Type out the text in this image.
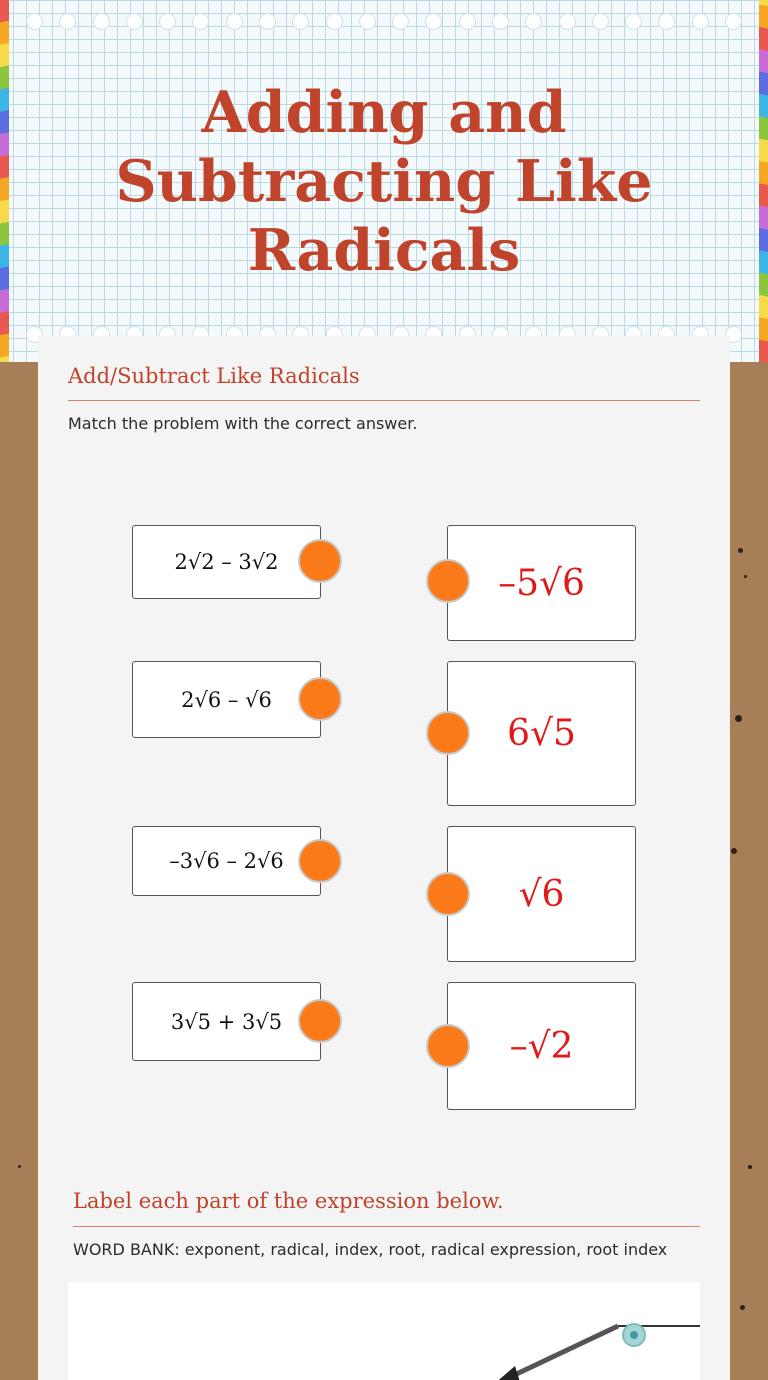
Adding and Subtracting Like Radicals
Add/Subtract Like Radicals
Match the problem with the correct answer.
2√2 – 3√2
2√6 – √6
–3√6 – 2√6
3√5 + 3√5
–5√6
6√5
√6
–√2
Label each part of the expression below.
WORD BANK: exponent, radical, index, root, radical expression, root index
